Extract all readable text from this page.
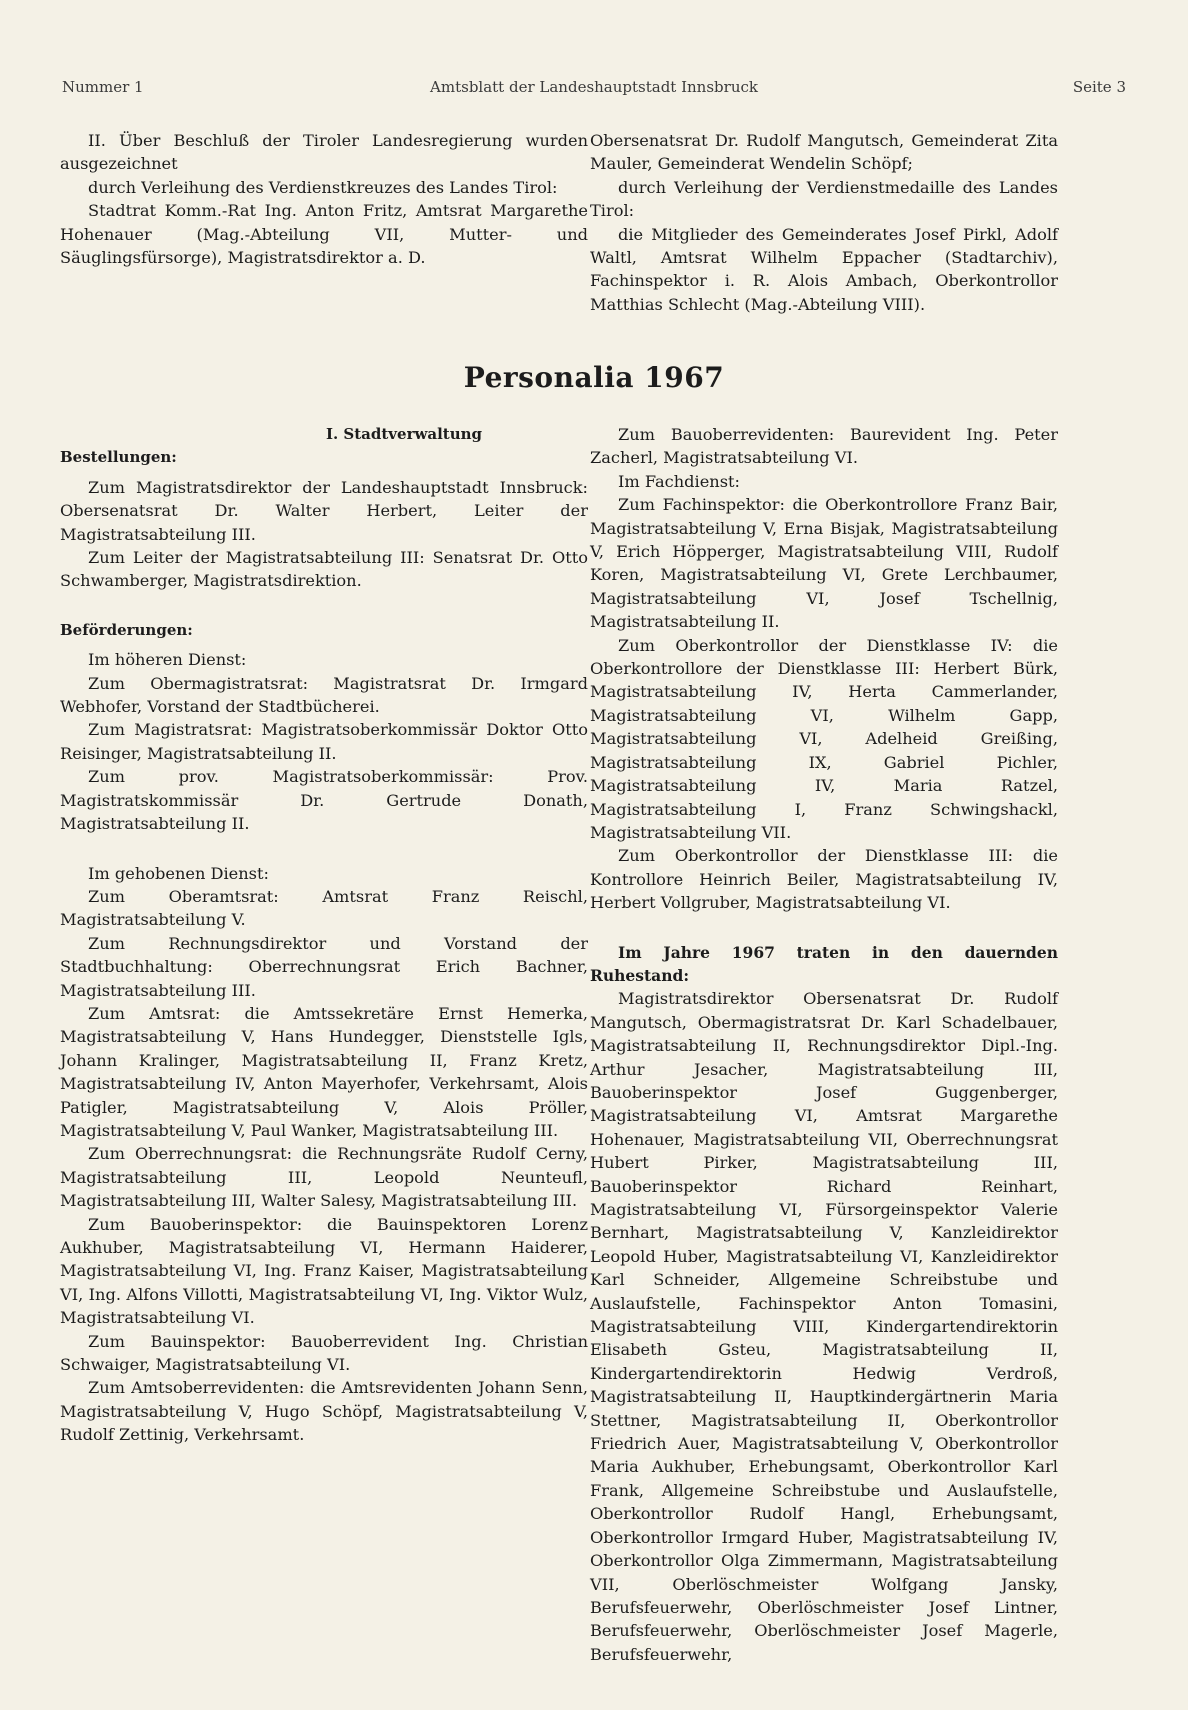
Nummer 1	Amtsblatt der Landeshauptstadt Innsbruck	Seite 3

II. Über Beschluß der Tiroler Landesregierung wurden ausgezeichnet

durch Verleihung des Verdienstkreuzes des Landes Tirol:

Stadtrat Komm.-Rat Ing. Anton Fritz, Amtsrat Margarethe Hohenauer (Mag.-Abteilung VII, Mutter- und Säuglingsfürsorge), Magistratsdirektor a. D.

Obersenatsrat Dr. Rudolf Mangutsch, Gemeinderat Zita Mauler, Gemeinderat Wendelin Schöpf;

durch Verleihung der Verdienstmedaille des Landes Tirol:

die Mitglieder des Gemeinderates Josef Pirkl, Adolf Waltl, Amtsrat Wilhelm Eppacher (Stadtarchiv), Fachinspektor i. R. Alois Ambach, Oberkontrollor Matthias Schlecht (Mag.-Abteilung VIII).

Personalia 1967

I. Stadtverwaltung

Bestellungen:

Zum Magistratsdirektor der Landeshauptstadt Innsbruck: Obersenatsrat Dr. Walter Herbert, Leiter der Magistratsabteilung III.

Zum Leiter der Magistratsabteilung III: Senatsrat Dr. Otto Schwamberger, Magistratsdirektion.

Beförderungen:

Im höheren Dienst:

Zum Obermagistratsrat: Magistratsrat Dr. Irmgard Webhofer, Vorstand der Stadtbücherei.

Zum Magistratsrat: Magistratsoberkommissär Doktor Otto Reisinger, Magistratsabteilung II.

Zum prov. Magistratsoberkommissär: Prov. Magistratskommissär Dr. Gertrude Donath, Magistratsabteilung II.

Im gehobenen Dienst:

Zum Oberamtsrat: Amtsrat Franz Reischl, Magistratsabteilung V.

Zum Rechnungsdirektor und Vorstand der Stadtbuchhaltung: Oberrechnungsrat Erich Bachner, Magistratsabteilung III.

Zum Amtsrat: die Amtssekretäre Ernst Hemerka, Magistratsabteilung V, Hans Hundegger, Dienststelle Igls, Johann Kralinger, Magistratsabteilung II, Franz Kretz, Magistratsabteilung IV, Anton Mayerhofer, Verkehrsamt, Alois Patigler, Magistratsabteilung V, Alois Pröller, Magistratsabteilung V, Paul Wanker, Magistratsabteilung III.

Zum Oberrechnungsrat: die Rechnungsräte Rudolf Cerny, Magistratsabteilung III, Leopold Neunteufl, Magistratsabteilung III, Walter Salesy, Magistratsabteilung III.

Zum Bauoberinspektor: die Bauinspektoren Lorenz Aukhuber, Magistratsabteilung VI, Hermann Haiderer, Magistratsabteilung VI, Ing. Franz Kaiser, Magistratsabteilung VI, Ing. Alfons Villotti, Magistratsabteilung VI, Ing. Viktor Wulz, Magistratsabteilung VI.

Zum Bauinspektor: Bauoberrevident Ing. Christian Schwaiger, Magistratsabteilung VI.

Zum Amtsoberrevidenten: die Amtsrevidenten Johann Senn, Magistratsabteilung V, Hugo Schöpf, Magistratsabteilung V, Rudolf Zettinig, Verkehrsamt.

Zum Bauoberrevidenten: Baurevident Ing. Peter Zacherl, Magistratsabteilung VI.

Im Fachdienst:

Zum Fachinspektor: die Oberkontrollore Franz Bair, Magistratsabteilung V, Erna Bisjak, Magistratsabteilung V, Erich Höpperger, Magistratsabteilung VIII, Rudolf Koren, Magistratsabteilung VI, Grete Lerchbaumer, Magistratsabteilung VI, Josef Tschellnig, Magistratsabteilung II.

Zum Oberkontrollor der Dienstklasse IV: die Oberkontrollore der Dienstklasse III: Herbert Bürk, Magistratsabteilung IV, Herta Cammerlander, Magistratsabteilung VI, Wilhelm Gapp, Magistratsabteilung VI, Adelheid Greißing, Magistratsabteilung IX, Gabriel Pichler, Magistratsabteilung IV, Maria Ratzel, Magistratsabteilung I, Franz Schwingshackl, Magistratsabteilung VII.

Zum Oberkontrollor der Dienstklasse III: die Kontrollore Heinrich Beiler, Magistratsabteilung IV, Herbert Vollgruber, Magistratsabteilung VI.

Im Jahre 1967 traten in den dauernden Ruhestand:

Magistratsdirektor Obersenatsrat Dr. Rudolf Mangutsch, Obermagistratsrat Dr. Karl Schadelbauer, Magistratsabteilung II, Rechnungsdirektor Dipl.-Ing. Arthur Jesacher, Magistratsabteilung III, Bauoberinspektor Josef Guggenberger, Magistratsabteilung VI, Amtsrat Margarethe Hohenauer, Magistratsabteilung VII, Oberrechnungsrat Hubert Pirker, Magistratsabteilung III, Bauoberinspektor Richard Reinhart, Magistratsabteilung VI, Fürsorgeinspektor Valerie Bernhart, Magistratsabteilung V, Kanzleidirektor Leopold Huber, Magistratsabteilung VI, Kanzleidirektor Karl Schneider, Allgemeine Schreibstube und Auslaufstelle, Fachinspektor Anton Tomasini, Magistratsabteilung VIII, Kindergartendirektorin Elisabeth Gsteu, Magistratsabteilung II, Kindergartendirektorin Hedwig Verdroß, Magistratsabteilung II, Hauptkindergärtnerin Maria Stettner, Magistratsabteilung II, Oberkontrollor Friedrich Auer, Magistratsabteilung V, Oberkontrollor Maria Aukhuber, Erhebungsamt, Oberkontrollor Karl Frank, Allgemeine Schreibstube und Auslaufstelle, Oberkontrollor Rudolf Hangl, Erhebungsamt, Oberkontrollor Irmgard Huber, Magistratsabteilung IV, Oberkontrollor Olga Zimmermann, Magistratsabteilung VII, Oberlöschmeister Wolfgang Jansky, Berufsfeuerwehr, Oberlöschmeister Josef Lintner, Berufsfeuerwehr, Oberlöschmeister Josef Magerle, Berufsfeuerwehr,
